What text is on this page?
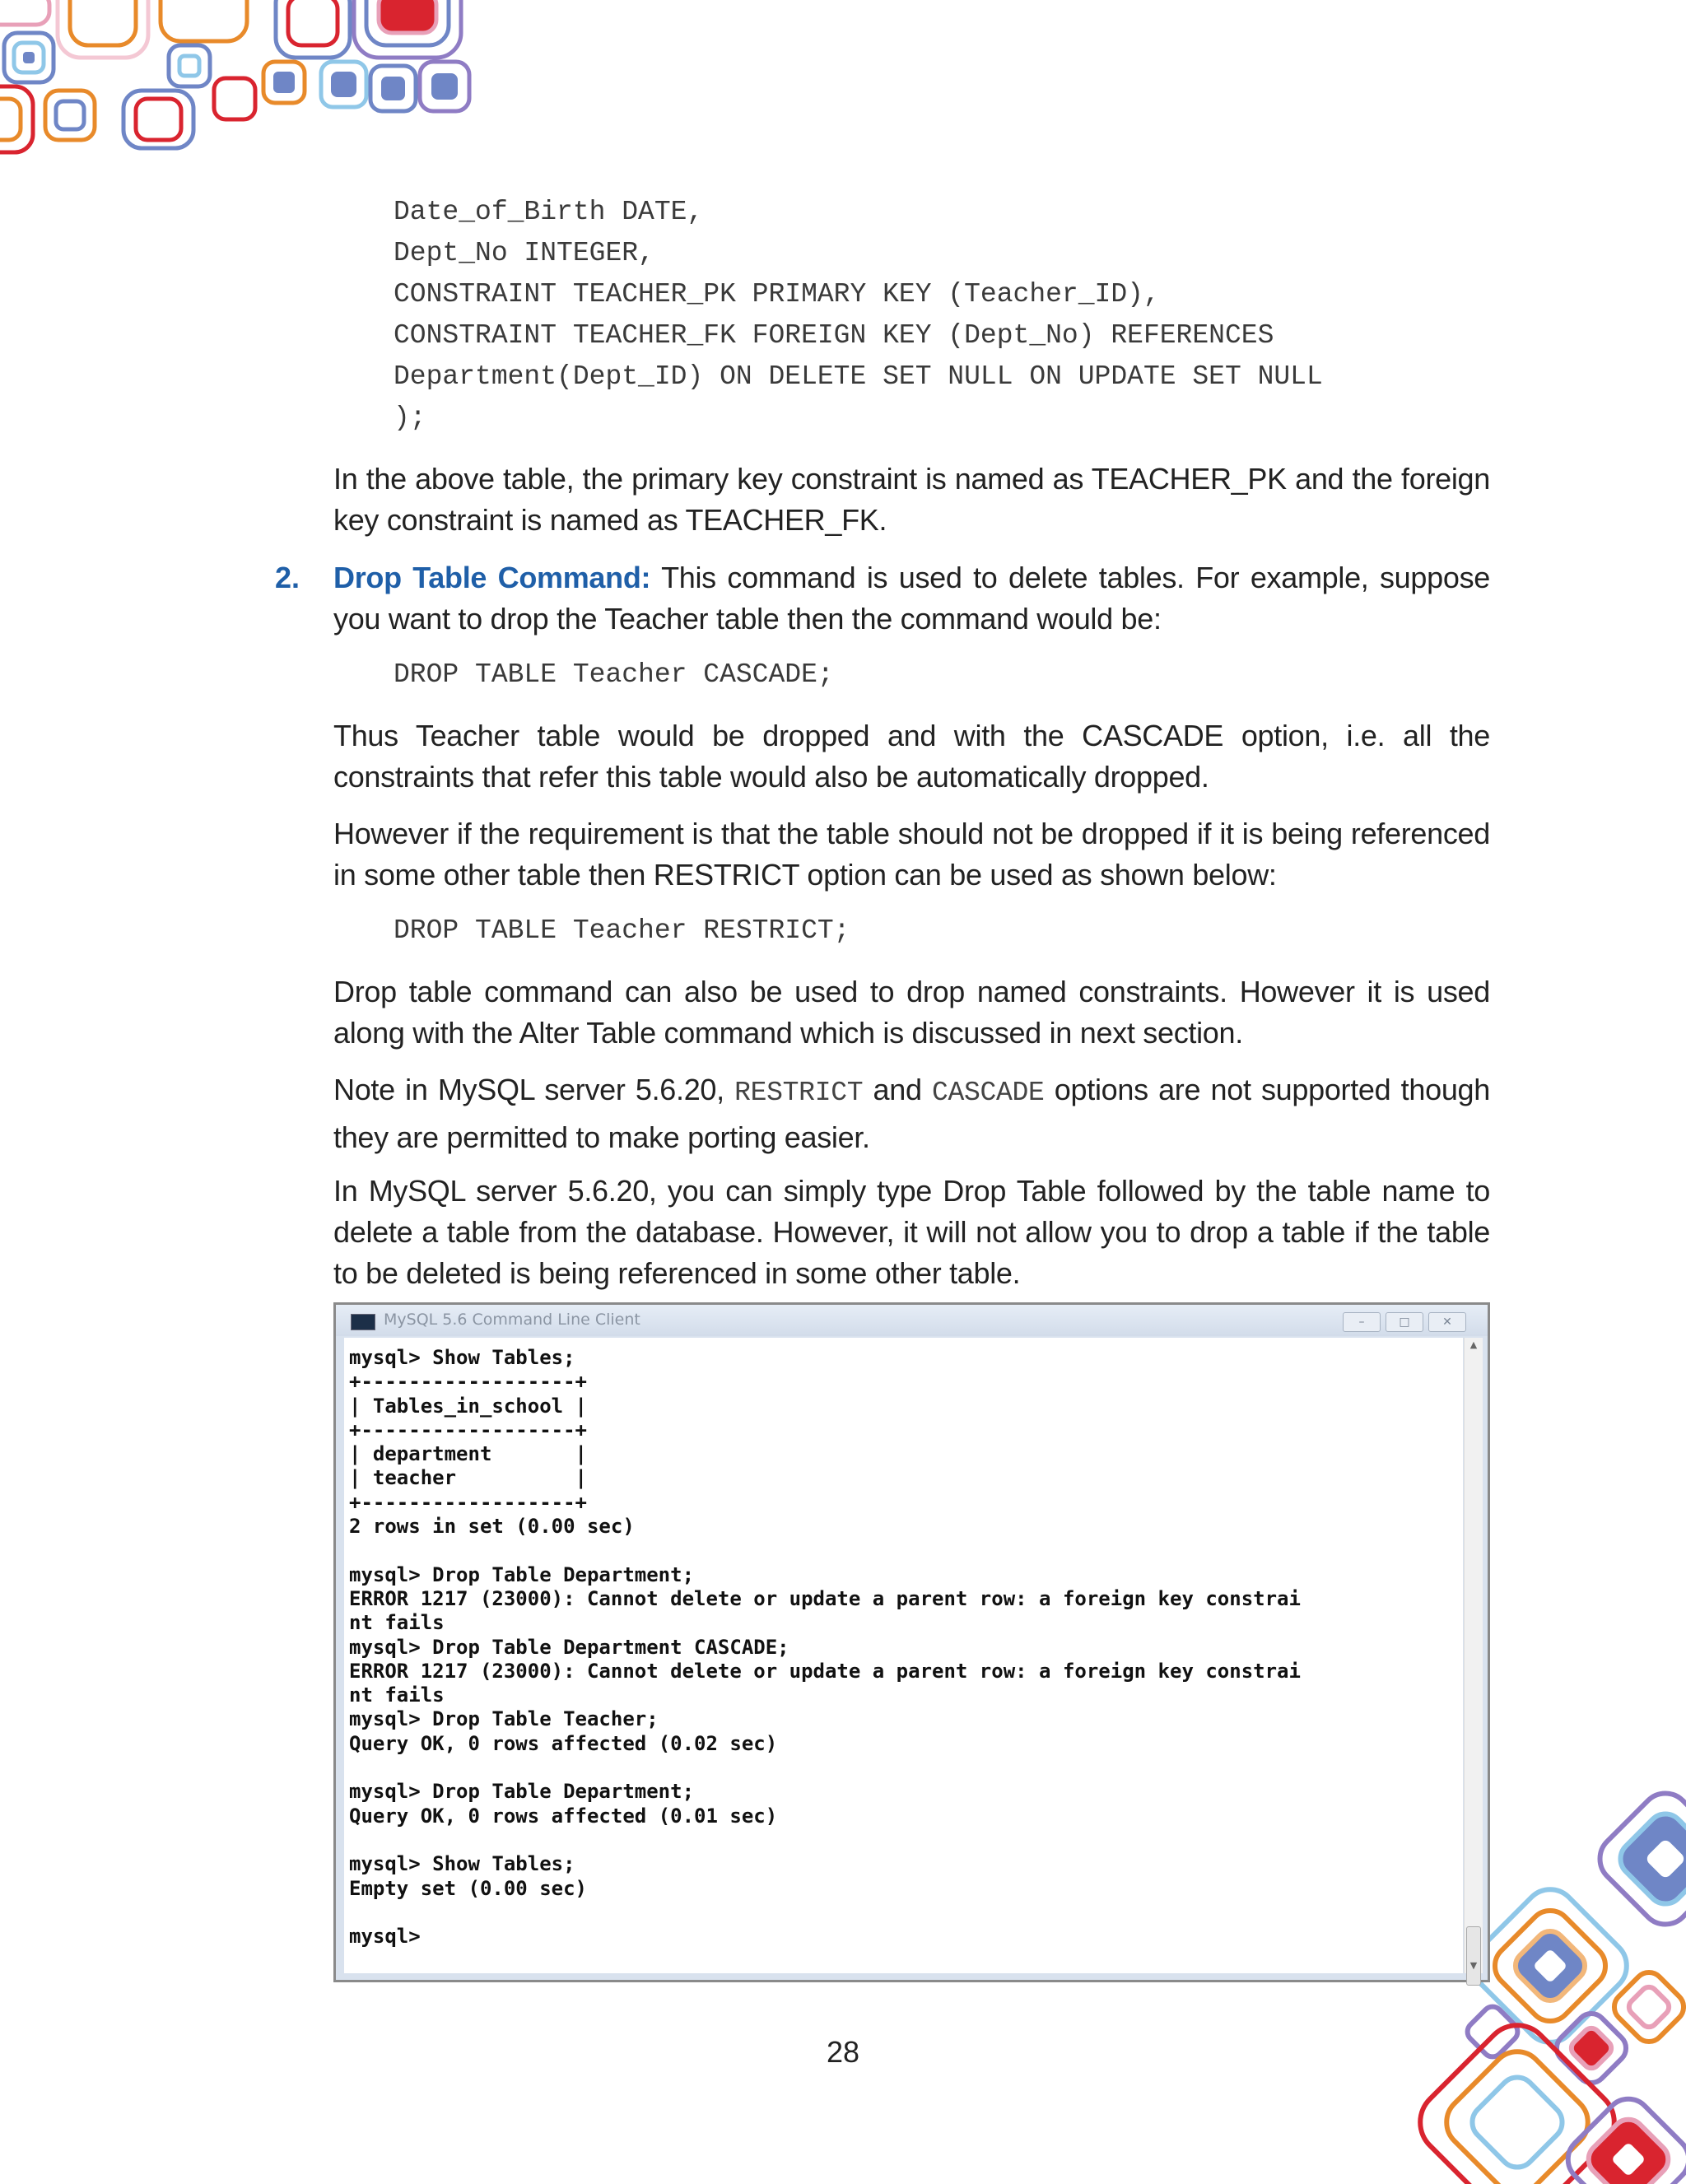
Date_of_Birth DATE,
Dept_No INTEGER,
CONSTRAINT TEACHER_PK PRIMARY KEY (Teacher_ID),
CONSTRAINT TEACHER_FK FOREIGN KEY (Dept_No) REFERENCES
Department(Dept_ID) ON DELETE SET NULL ON UPDATE SET NULL
);

In the above table, the primary key constraint is named as TEACHER_PK and the foreign key constraint is named as TEACHER_FK.

2. Drop Table Command: This command is used to delete tables. For example, suppose you want to drop the Teacher table then the command would be:

DROP TABLE Teacher CASCADE;

Thus Teacher table would be dropped and with the CASCADE option, i.e. all the constraints that refer this table would also be automatically dropped.

However if the requirement is that the table should not be dropped if it is being referenced in some other table then RESTRICT option can be used as shown below:

DROP TABLE Teacher RESTRICT;

Drop table command can also be used to drop named constraints. However it is used along with the Alter Table command which is discussed in next section.

Note in MySQL server 5.6.20, RESTRICT and CASCADE options are not supported though they are permitted to make porting easier.

In MySQL server 5.6.20, you can simply type Drop Table followed by the table name to delete a table from the database. However, it will not allow you to drop a table if the table to be deleted is being referenced in some other table.

MySQL 5.6 Command Line Client	–	□	✕
mysql> Show Tables;
+------------------+
| Tables_in_school |
+------------------+
| department       |
| teacher          |
+------------------+
2 rows in set (0.00 sec)

mysql> Drop Table Department;
ERROR 1217 (23000): Cannot delete or update a parent row: a foreign key constrai
nt fails
mysql> Drop Table Department CASCADE;
ERROR 1217 (23000): Cannot delete or update a parent row: a foreign key constrai
nt fails
mysql> Drop Table Teacher;
Query OK, 0 rows affected (0.02 sec)

mysql> Drop Table Department;
Query OK, 0 rows affected (0.01 sec)

mysql> Show Tables;
Empty set (0.00 sec)

mysql>
▲
▼
28
